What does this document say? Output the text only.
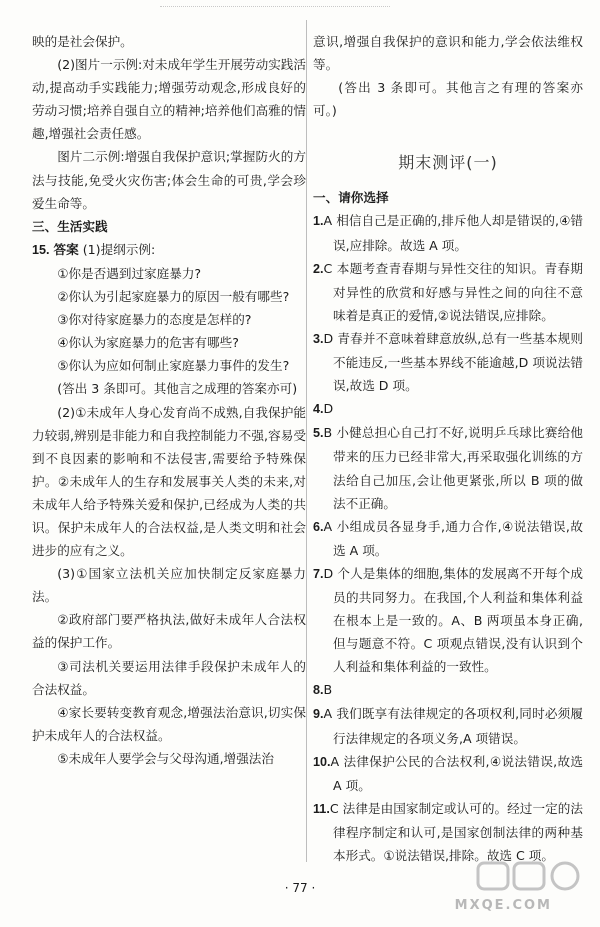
映的是社会保护。

(2)图片一示例:对未成年学生开展劳动实践活动,提高动手实践能力;增强劳动观念,形成良好的劳动习惯;培养自强自立的精神;培养他们高雅的情趣,增强社会责任感。

图片二示例:增强自我保护意识;掌握防火的方法与技能,免受火灾伤害;体会生命的可贵,学会珍爱生命等。

三、生活实践

15. 答案 (1)提纲示例:

①你是否遇到过家庭暴力?

②你认为引起家庭暴力的原因一般有哪些?

③你对待家庭暴力的态度是怎样的?

④你认为家庭暴力的危害有哪些?

⑤你认为应如何制止家庭暴力事件的发生?

(答出 3 条即可。其他言之成理的答案亦可)

(2)①未成年人身心发育尚不成熟,自我保护能力较弱,辨别是非能力和自我控制能力不强,容易受到不良因素的影响和不法侵害,需要给予特殊保护。②未成年人的生存和发展事关人类的未来,对未成年人给予特殊关爱和保护,已经成为人类的共识。保护未成年人的合法权益,是人类文明和社会进步的应有之义。

(3)①国家立法机关应加快制定反家庭暴力法。

②政府部门要严格执法,做好未成年人合法权益的保护工作。

③司法机关要运用法律手段保护未成年人的合法权益。

④家长要转变教育观念,增强法治意识,切实保护未成年人的合法权益。

⑤未成年人要学会与父母沟通,增强法治

意识,增强自我保护的意识和能力,学会依法维权等。

(答出 3 条即可。其他言之有理的答案亦可。)

期末测评(一)

一、请你选择

1.A 相信自己是正确的,排斥他人却是错误的,④错误,应排除。故选 A 项。

2.C 本题考查青春期与异性交往的知识。青春期对异性的欣赏和好感与异性之间的向往不意味着是真正的爱情,②说法错误,应排除。

3.D 青春并不意味着肆意放纵,总有一些基本规则不能违反,一些基本界线不能逾越,D 项说法错误,故选 D 项。

4.D

5.B 小健总担心自己打不好,说明乒乓球比赛给他带来的压力已经非常大,再采取强化训练的方法给自己加压,会让他更紧张,所以 B 项的做法不正确。

6.A 小组成员各显身手,通力合作,④说法错误,故选 A 项。

7.D 个人是集体的细胞,集体的发展离不开每个成员的共同努力。在我国,个人利益和集体利益在根本上是一致的。A、B 两项虽本身正确,但与题意不符。C 项观点错误,没有认识到个人利益和集体利益的一致性。

8.B

9.A 我们既享有法律规定的各项权利,同时必须履行法律规定的各项义务,A 项错误。

10.A 法律保护公民的合法权利,④说法错误,故选 A 项。

11.C 法律是由国家制定或认可的。经过一定的法律程序制定和认可,是国家创制法律的两种基本形式。①说法错误,排除。故选 C 项。

· 77 ·
MXQE.COM
